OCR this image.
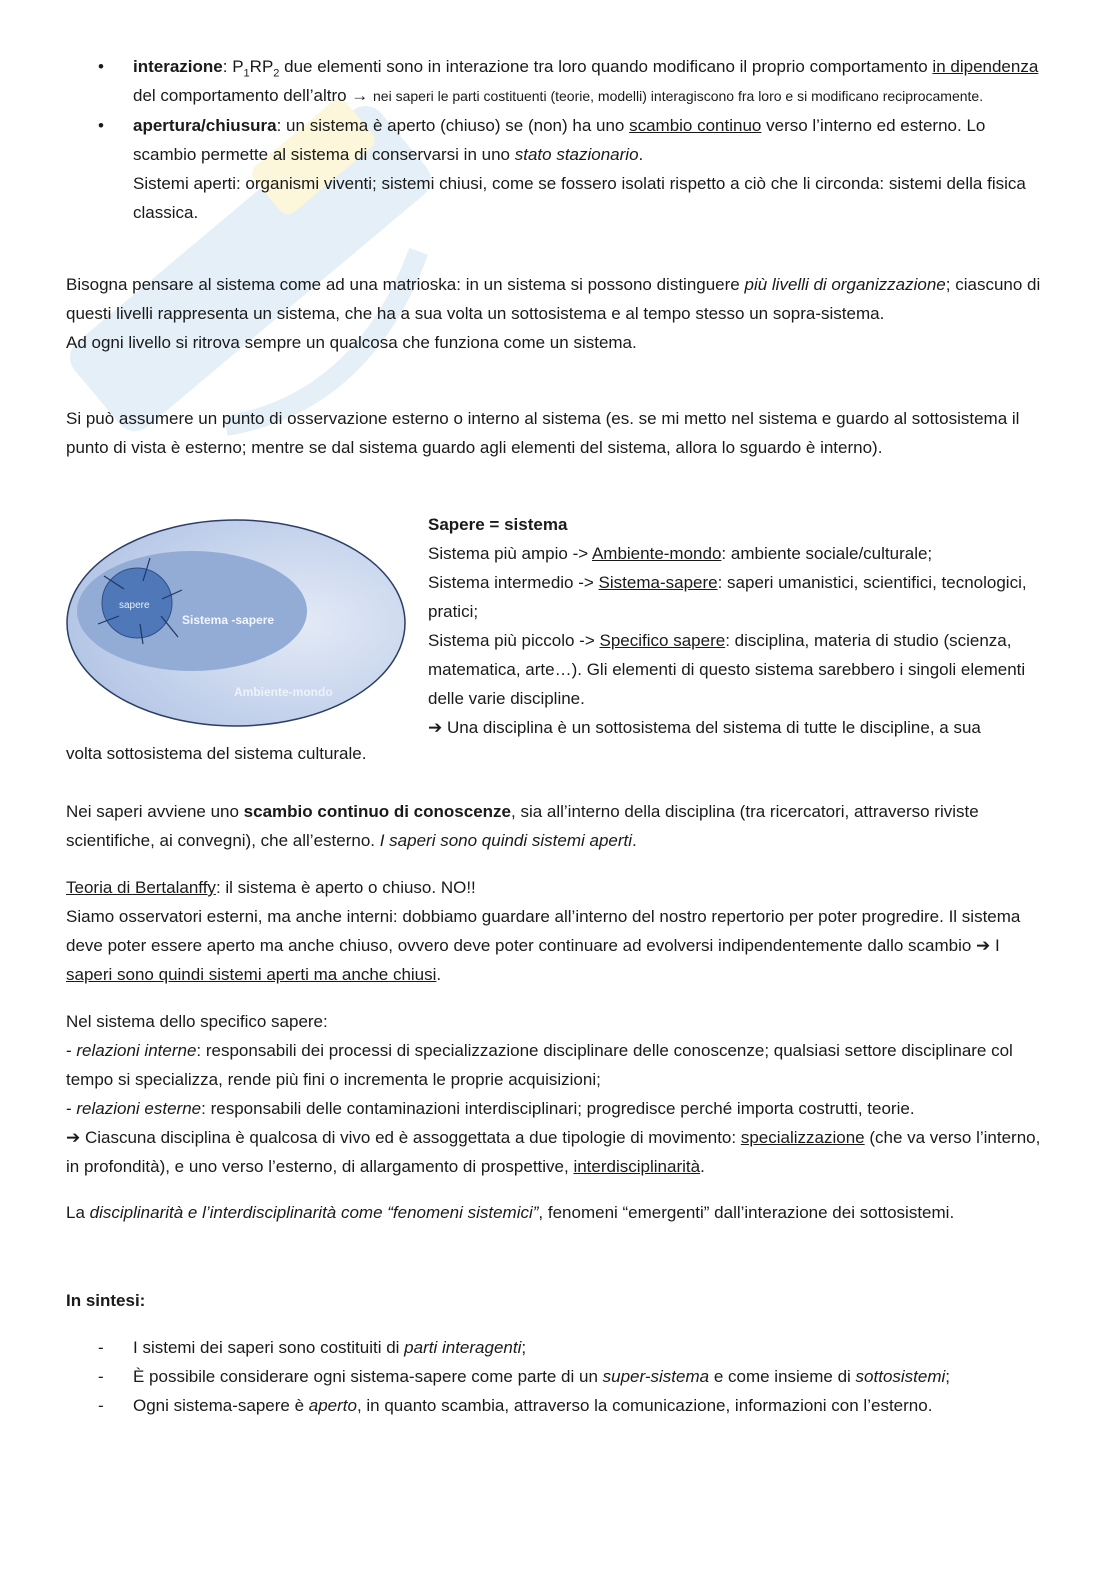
• interazione: $P_1RP_2$ due elementi sono in interazione tra loro quando modificano il proprio comportamento in dipendenza del comportamento dell’altro → nei saperi le parti costituenti (teorie, modelli) interagiscono fra loro e si modificano reciprocamente.
• apertura/chiusura: un sistema è aperto (chiuso) se (non) ha uno scambio continuo verso l’interno ed esterno. Lo scambio permette al sistema di conservarsi in uno stato stazionario.
Sistemi aperti: organismi viventi; sistemi chiusi, come se fossero isolati rispetto a ciò che li circonda: sistemi della fisica classica.
Bisogna pensare al sistema come ad una matrioska: in un sistema si possono distinguere più livelli di organizzazione; ciascuno di questi livelli rappresenta un sistema, che ha a sua volta un sottosistema e al tempo stesso un sopra-sistema.
Ad ogni livello si ritrova sempre un qualcosa che funziona come un sistema.
Si può assumere un punto di osservazione esterno o interno al sistema (es. se mi metto nel sistema e guardo al sottosistema il punto di vista è esterno; mentre se dal sistema guardo agli elementi del sistema, allora lo sguardo è interno).
sapere
Sistema -sapere
Ambiente-mondo
Sapere = sistema
Sistema più ampio -> Ambiente-mondo: ambiente sociale/culturale;
Sistema intermedio -> Sistema-sapere: saperi umanistici, scientifici, tecnologici, pratici;
Sistema più piccolo -> Specifico sapere: disciplina, materia di studio (scienza, matematica, arte…). Gli elementi di questo sistema sarebbero i singoli elementi delle varie discipline.
➔ Una disciplina è un sottosistema del sistema di tutte le discipline, a sua
volta sottosistema del sistema culturale.
Nei saperi avviene uno scambio continuo di conoscenze, sia all’interno della disciplina (tra ricercatori, attraverso riviste scientifiche, ai convegni), che all’esterno. I saperi sono quindi sistemi aperti.
Teoria di Bertalanffy: il sistema è aperto o chiuso. NO!!
Siamo osservatori esterni, ma anche interni: dobbiamo guardare all’interno del nostro repertorio per poter progredire. Il sistema deve poter essere aperto ma anche chiuso, ovvero deve poter continuare ad evolversi indipendentemente dallo scambio ➔ I saperi sono quindi sistemi aperti ma anche chiusi.
Nel sistema dello specifico sapere:
- relazioni interne: responsabili dei processi di specializzazione disciplinare delle conoscenze; qualsiasi settore disciplinare col tempo si specializza, rende più fini o incrementa le proprie acquisizioni;
- relazioni esterne: responsabili delle contaminazioni interdisciplinari; progredisce perché importa costrutti, teorie.
➔ Ciascuna disciplina è qualcosa di vivo ed è assoggettata a due tipologie di movimento: specializzazione (che va verso l’interno, in profondità), e uno verso l’esterno, di allargamento di prospettive, interdisciplinarità.
La disciplinarità e l’interdisciplinarità come “fenomeni sistemici”, fenomeni “emergenti” dall’interazione dei sottosistemi.
In sintesi:
- I sistemi dei saperi sono costituiti di parti interagenti;
- È possibile considerare ogni sistema-sapere come parte di un super-sistema e come insieme di sottosistemi;
- Ogni sistema-sapere è aperto, in quanto scambia, attraverso la comunicazione, informazioni con l’esterno.
